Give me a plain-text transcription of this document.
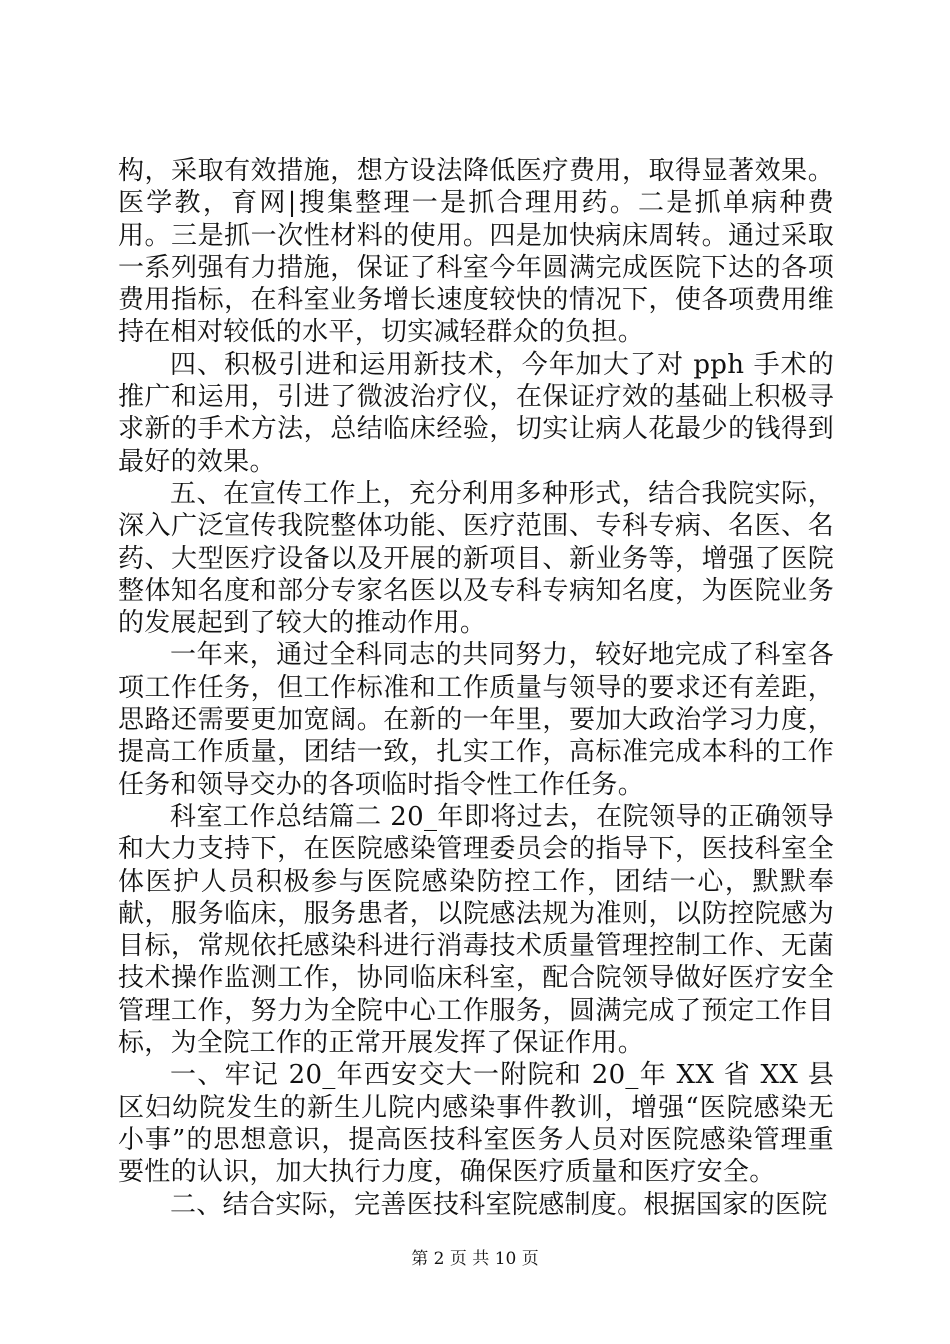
构，采取有效措施，想方设法降低医疗费用，取得显著效果。医学教，育网|搜集整理一是抓合理用药。二是抓单病种费用。三是抓一次性材料的使用。四是加快病床周转。通过采取一系列强有力措施，保证了科室今年圆满完成医院下达的各项费用指标，在科室业务增长速度较快的情况下，使各项费用维持在相对较低的水平，切实减轻群众的负担。

四、积极引进和运用新技术，今年加大了对 pph 手术的推广和运用，引进了微波治疗仪，在保证疗效的基础上积极寻求新的手术方法，总结临床经验，切实让病人花最少的钱得到最好的效果。

五、在宣传工作上，充分利用多种形式，结合我院实际，深入广泛宣传我院整体功能、医疗范围、专科专病、名医、名药、大型医疗设备以及开展的新项目、新业务等，增强了医院整体知名度和部分专家名医以及专科专病知名度，为医院业务的发展起到了较大的推动作用。

一年来，通过全科同志的共同努力，较好地完成了科室各项工作任务，但工作标准和工作质量与领导的要求还有差距，思路还需要更加宽阔。在新的一年里，要加大政治学习力度，提高工作质量，团结一致，扎实工作，高标准完成本科的工作任务和领导交办的各项临时指令性工作任务。

科室工作总结篇二 20_年即将过去，在院领导的正确领导和大力支持下，在医院感染管理委员会的指导下，医技科室全体医护人员积极参与医院感染防控工作，团结一心，默默奉献，服务临床，服务患者，以院感法规为准则，以防控院感为目标，常规依托感染科进行消毒技术质量管理控制工作、无菌技术操作监测工作，协同临床科室，配合院领导做好医疗安全管理工作，努力为全院中心工作服务，圆满完成了预定工作目标，为全院工作的正常开展发挥了保证作用。

一、牢记 20_年西安交大一附院和 20_年 XX 省 XX 县区妇幼院发生的新生儿院内感染事件教训，增强“医院感染无小事”的思想意识，提高医技科室医务人员对医院感染管理重要性的认识，加大执行力度，确保医疗质量和医疗安全。

二、结合实际，完善医技科室院感制度。根据国家的医院

第 2 页 共 10 页
